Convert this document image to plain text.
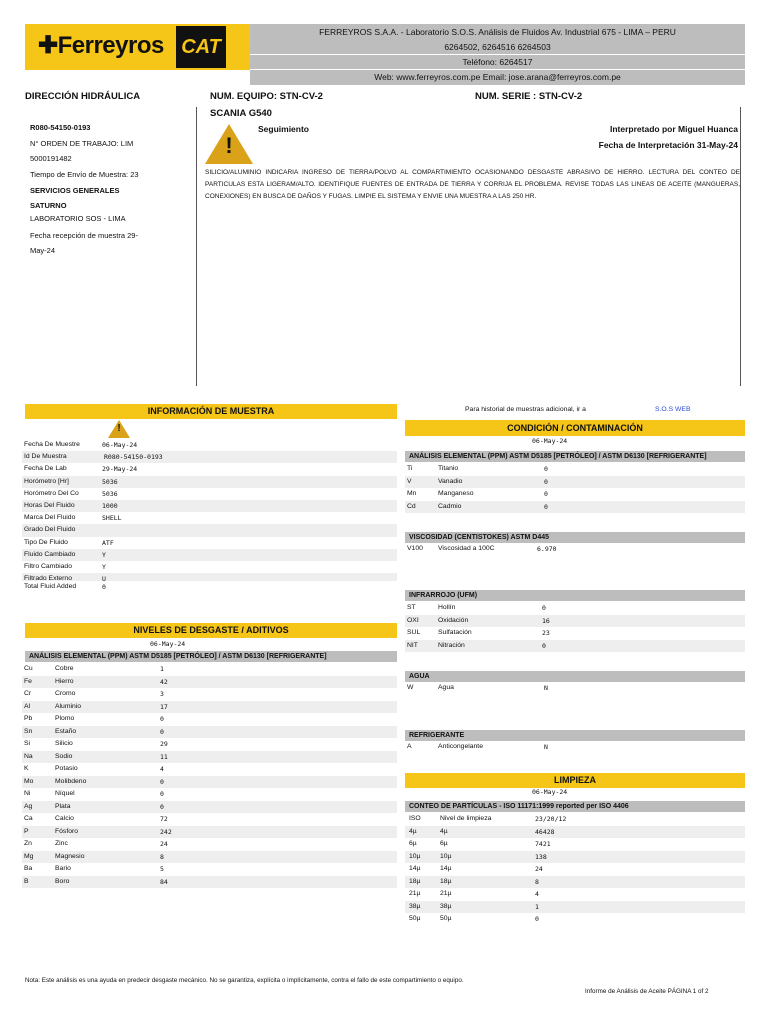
✚Ferreyros CAT
FERREYROS S.A.A. - Laboratorio S.O.S. Análisis de Fluidos Av. Industrial 675 - LIMA – PERU
6264502, 6264516 6264503
Teléfono: 6264517
Web: www.ferreyros.com.pe Email: jose.arana@ferreyros.com.pe
DIRECCIÓN HIDRÁULICA	NUM. EQUIPO: STN-CV-2	NUM. SERIE : STN-CV-2
SCANIA G540
R080-54150-0193
N° ORDEN DE TRABAJO: LIM
5000191482
Tiempo de Envío de Muestra: 23
SERVICIOS GENERALES
SATURNO
LABORATORIO SOS - LIMA
Fecha recepción de muestra 29-
May-24
!
Seguimiento	Interpretado por Miguel Huanca
Fecha de Interpretación 31-May-24
SILICIO/ALUMINIO INDICARIA INGRESO DE TIERRA/POLVO AL COMPARTIMIENTO OCASIONANDO DESGASTE ABRASIVO DE HIERRO. LECTURA DEL CONTEO DE PARTICULAS ESTA LIGERAM/ALTO. IDENTIFIQUE FUENTES DE ENTRADA DE TIERRA Y CORRIJA EL PROBLEMA. REVISE TODAS LAS LINEAS DE ACEITE (MANGUERAS, CONEXIONES) EN BUSCA DE DAÑOS Y FUGAS. LIMPIE EL SISTEMA Y ENVIE UNA MUESTRA A LAS 250 HR.
INFORMACIÓN DE MUESTRA
!
Fecha De Muestre	06-May-24
Id De Muestra	R080-54150-0193
Fecha De Lab	29-May-24
Horómetro [Hr]	5036
Horómetro Del Co	5036
Horas Del Fluido	1000
Marca Del Fluido	SHELL
Grado Del Fluido
Tipo De Fluido	ATF
Fluido Cambiado	Y
Filtro Cambiado	Y
Filtrado Externo	U
Total Fluid Added	0
Para historial de muestras adicional, ir a	S.O.S WEB
CONDICIÓN / CONTAMINACIÓN
06-May-24
ANÁLISIS ELEMENTAL (PPM) ASTM D5185 [PETRÓLEO] / ASTM D6130 [REFRIGERANTE]
Ti	Titanio	0
V	Vanadio	0
Mn	Manganeso	0
Cd	Cadmio	0
VISCOSIDAD (CENTISTOKES) ASTM D445
V100 Viscosidad a 100C	6.970
INFRARROJO (UFM)
ST	Hollín	0
OXI	Oxidación	16
SUL	Sulfatación	23
NIT	Nitración	0
AGUA
W	Agua	N
REFRIGERANTE
A	Anticongelante	N
NIVELES DE DESGASTE / ADITIVOS
06-May-24
ANÁLISIS ELEMENTAL (PPM) ASTM D5185 [PETRÓLEO] / ASTM D6130 [REFRIGERANTE]
Cu	Cobre	1
Fe	Hierro	42
Cr	Cromo	3
Al	Aluminio	17
Pb	Plomo	0
Sn	Estaño	0
Si	Silicio	29
Na	Sodio	11
K	Potasio	4
Mo	Molibdeno	0
Ni	Níquel	0
Ag	Plata	0
Ca	Calcio	72
P	Fósforo	242
Zn	Zinc	24
Mg	Magnesio	8
Ba	Bario	5
B	Boro	84
LIMPIEZA
06-May-24
CONTEO DE PARTÍCULAS - ISO 11171:1999 reported per ISO 4406
ISO	Nivel de limpieza	23/20/12
4µ	4µ	46428
6µ	6µ	7421
10µ	10µ	138
14µ	14µ	24
18µ	18µ	8
21µ	21µ	4
38µ	38µ	1
50µ	50µ	0
Nota: Este análisis es una ayuda en predecir desgaste mecánico. No se garantiza, explícita o implícitamente, contra el fallo de este compartimiento o equipo.
Informe de Análisis de Aceite PÁGINA 1 of 2
